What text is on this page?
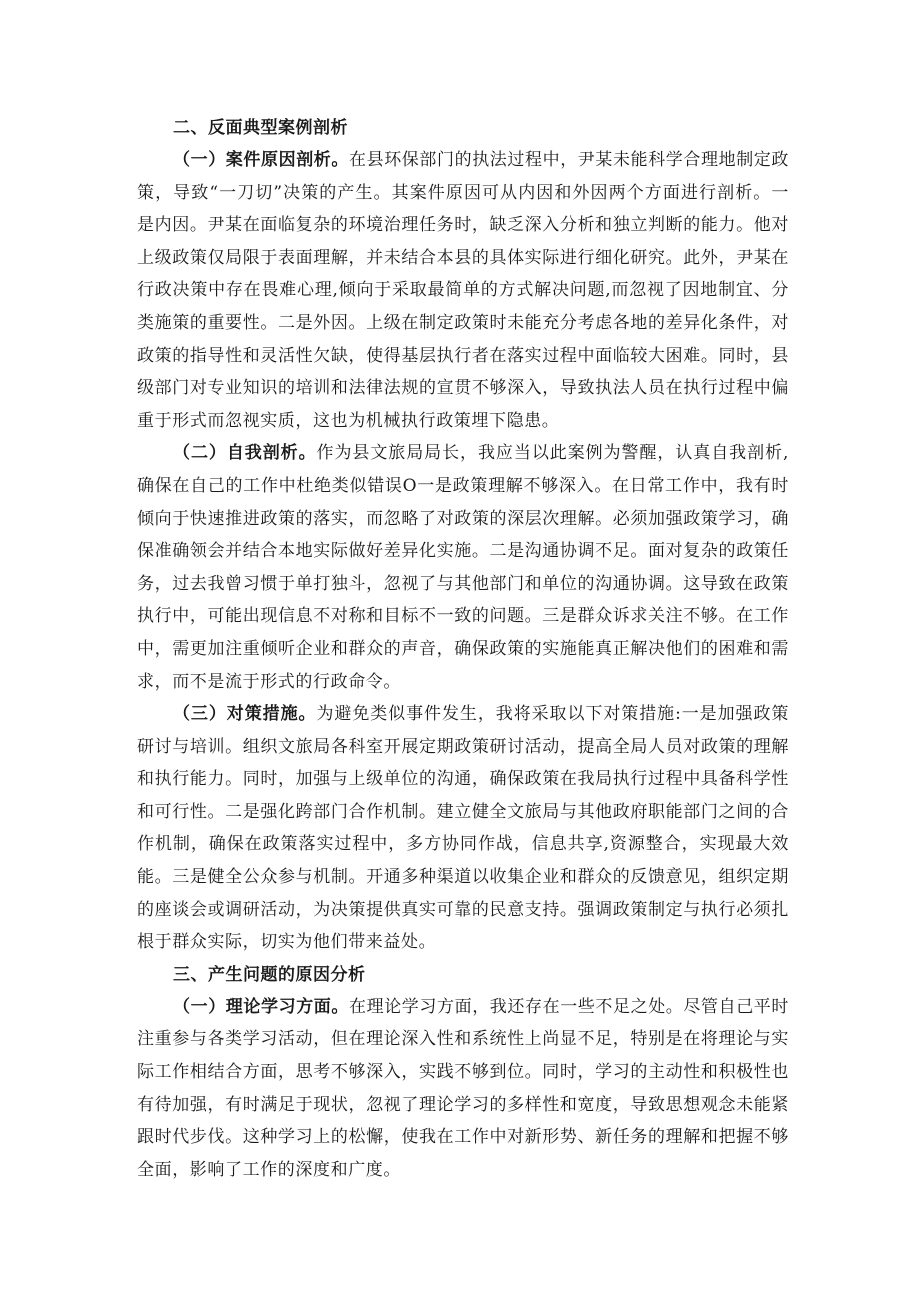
二、反面典型案例剖析

（一）案件原因剖析。在县环保部门的执法过程中，尹某未能科学合理地制定政策，导致“一刀切”决策的产生。其案件原因可从内因和外因两个方面进行剖析。一是内因。尹某在面临复杂的环境治理任务时，缺乏深入分析和独立判断的能力。他对上级政策仅局限于表面理解，并未结合本县的具体实际进行细化研究。此外，尹某在行政决策中存在畏难心理,倾向于采取最简单的方式解决问题,而忽视了因地制宜、分类施策的重要性。二是外因。上级在制定政策时未能充分考虑各地的差异化条件，对政策的指导性和灵活性欠缺，使得基层执行者在落实过程中面临较大困难。同时，县级部门对专业知识的培训和法律法规的宣贯不够深入，导致执法人员在执行过程中偏重于形式而忽视实质，这也为机械执行政策埋下隐患。

（二）自我剖析。作为县文旅局局长，我应当以此案例为警醒，认真自我剖析,确保在自己的工作中杜绝类似错误O一是政策理解不够深入。在日常工作中，我有时倾向于快速推进政策的落实，而忽略了对政策的深层次理解。必须加强政策学习，确保准确领会并结合本地实际做好差异化实施。二是沟通协调不足。面对复杂的政策任务，过去我曾习惯于单打独斗，忽视了与其他部门和单位的沟通协调。这导致在政策执行中，可能出现信息不对称和目标不一致的问题。三是群众诉求关注不够。在工作中，需更加注重倾听企业和群众的声音，确保政策的实施能真正解决他们的困难和需求，而不是流于形式的行政命令。

（三）对策措施。为避免类似事件发生，我将采取以下对策措施:一是加强政策研讨与培训。组织文旅局各科室开展定期政策研讨活动，提高全局人员对政策的理解和执行能力。同时，加强与上级单位的沟通，确保政策在我局执行过程中具备科学性和可行性。二是强化跨部门合作机制。建立健全文旅局与其他政府职能部门之间的合作机制，确保在政策落实过程中，多方协同作战，信息共享,资源整合，实现最大效能。三是健全公众参与机制。开通多种渠道以收集企业和群众的反馈意见，组织定期的座谈会或调研活动，为决策提供真实可靠的民意支持。强调政策制定与执行必须扎根于群众实际，切实为他们带来益处。

三、产生问题的原因分析

（一）理论学习方面。在理论学习方面，我还存在一些不足之处。尽管自己平时注重参与各类学习活动，但在理论深入性和系统性上尚显不足，特别是在将理论与实际工作相结合方面，思考不够深入，实践不够到位。同时，学习的主动性和积极性也有待加强，有时满足于现状，忽视了理论学习的多样性和宽度，导致思想观念未能紧跟时代步伐。这种学习上的松懈，使我在工作中对新形势、新任务的理解和把握不够全面，影响了工作的深度和广度。
